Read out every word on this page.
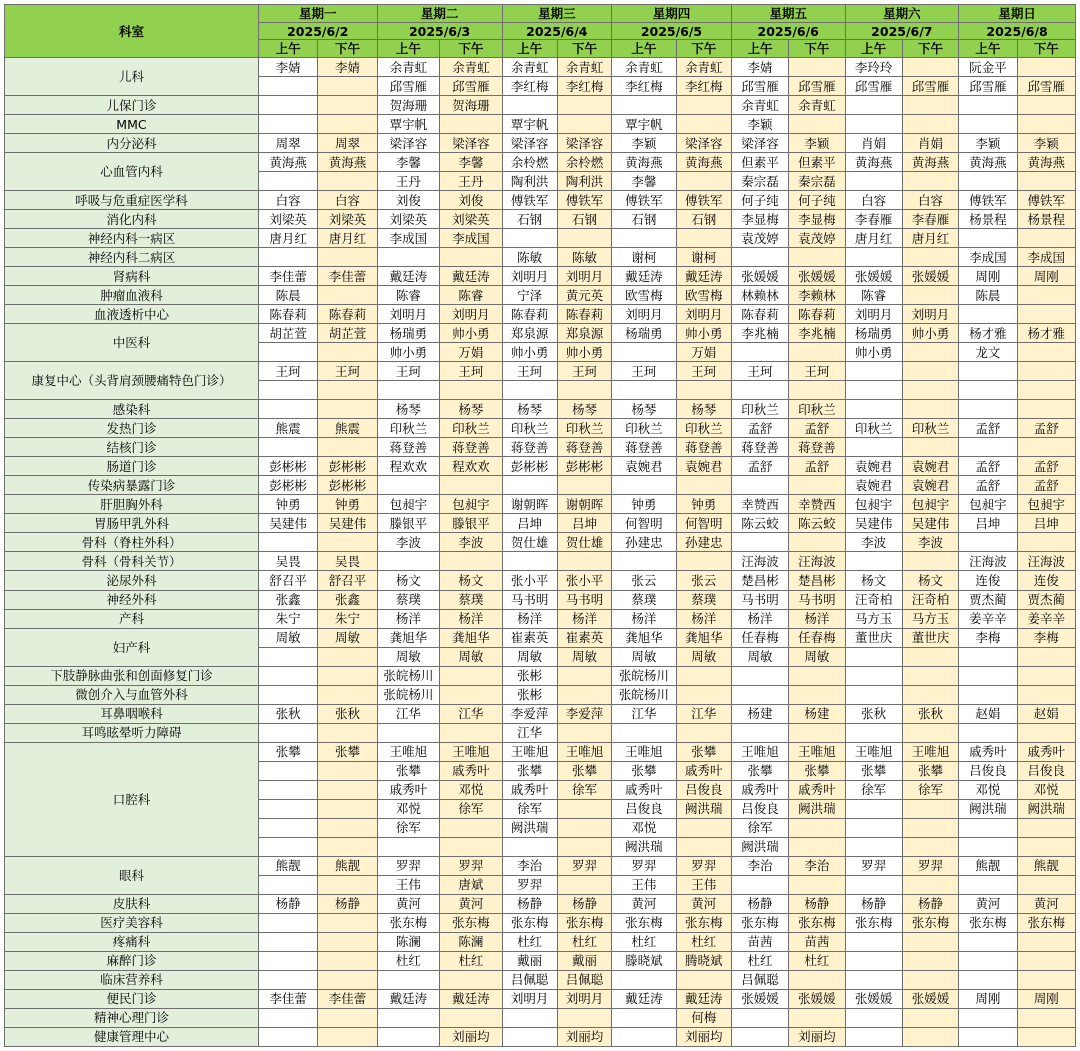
科室	星期一		星期二		星期三		星期四		星期五		星期六		星期日	
	2025/6/2		2025/6/3		2025/6/4		2025/6/5		2025/6/6		2025/6/7		2025/6/8	
	上午	下午	上午	下午	上午	下午	上午	下午	上午	下午	上午	下午	上午	下午
儿科	李婧	李婧	余青虹	余青虹	余青虹	余青虹	余青虹	余青虹	李婧		李玲玲		阮金平	
			邱雪雁	邱雪雁	李红梅	李红梅	李红梅	李红梅	邱雪雁	邱雪雁	邱雪雁	邱雪雁	邱雪雁	邱雪雁
儿保门诊			贺海珊	贺海珊					余青虹	余青虹				
MMC			覃宇帆		覃宇帆		覃宇帆		李颖					
内分泌科	周翠	周翠	梁泽容	梁泽容	梁泽容	梁泽容	李颖	梁泽容	梁泽容	李颖	肖娟	肖娟	李颖	李颖
心血管内科	黄海燕	黄海燕	李馨	李馨	余柃燃	余柃燃	黄海燕	黄海燕	但素平	但素平	黄海燕	黄海燕	黄海燕	黄海燕
			王丹	王丹	陶利洪	陶利洪	李馨		秦宗磊	秦宗磊				
呼吸与危重症医学科	白容	白容	刘俊	刘俊	傅铁军	傅铁军	傅铁军	傅铁军	何子纯	何子纯	白容	白容	傅铁军	傅铁军
消化内科	刘梁英	刘梁英	刘梁英	刘梁英	石钢	石钢	石钢	石钢	李显梅	李显梅	李春雁	李春雁	杨景程	杨景程
神经内科一病区	唐月红	唐月红	李成国	李成国					袁茂婷	袁茂婷	唐月红	唐月红		
神经内科二病区					陈敏	陈敏	谢柯	谢柯					李成国	李成国
肾病科	李佳蕾	李佳蕾	戴廷涛	戴廷涛	刘明月	刘明月	戴廷涛	戴廷涛	张媛媛	张媛媛	张媛媛	张媛媛	周刚	周刚
肿瘤血液科	陈晨		陈睿	陈睿	宁泽	黄元英	欧雪梅	欧雪梅	林赖林	李赖林	陈睿		陈晨	
血液透析中心	陈春莉	陈春莉	刘明月	刘明月	陈春莉	陈春莉	刘明月	刘明月	陈春莉	陈春莉	刘明月	刘明月		
中医科	胡芷萱	胡芷萱	杨瑞勇	帅小勇	郑泉源	郑泉源	杨瑞勇	帅小勇	李兆楠	李兆楠	杨瑞勇	帅小勇	杨才雅	杨才雅
			帅小勇	万娟	帅小勇	帅小勇		万娟			帅小勇		龙文	
康复中心（头背肩颈腰痛特色门诊）	王珂	王珂	王珂	王珂	王珂	王珂	王珂	王珂	王珂	王珂				

感染科			杨琴	杨琴	杨琴	杨琴	杨琴	杨琴	印秋兰	印秋兰				
发热门诊	熊震	熊震	印秋兰	印秋兰	印秋兰	印秋兰	印秋兰	印秋兰	孟舒	孟舒	印秋兰	印秋兰	孟舒	孟舒
结核门诊			蒋登善	蒋登善	蒋登善	蒋登善	蒋登善	蒋登善	蒋登善	蒋登善				
肠道门诊	彭彬彬	彭彬彬	程欢欢	程欢欢	彭彬彬	彭彬彬	袁婉君	袁婉君	孟舒	孟舒	袁婉君	袁婉君	孟舒	孟舒
传染病暴露门诊	彭彬彬	彭彬彬									袁婉君	袁婉君	孟舒	孟舒
肝胆胸外科	钟勇	钟勇	包昶宇	包昶宇	谢朝晖	谢朝晖	钟勇	钟勇	幸赞西	幸赞西	包昶宇	包昶宇	包昶宇	包昶宇
胃肠甲乳外科	吴建伟	吴建伟	滕银平	滕银平	吕坤	吕坤	何智明	何智明	陈云蛟	陈云蛟	吴建伟	吴建伟	吕坤	吕坤
骨科（脊柱外科）			李波	李波	贺仕雄	贺仕雄	孙建忠	孙建忠			李波	李波		
骨科（骨科关节）	吴畏	吴畏							汪海波	汪海波			汪海波	汪海波
泌尿外科	舒召平	舒召平	杨文	杨文	张小平	张小平	张云	张云	楚昌彬	楚昌彬	杨文	杨文	连俊	连俊
神经外科	张鑫	张鑫	蔡璞	蔡璞	马书明	马书明	蔡璞	蔡璞	马书明	马书明	汪奇柏	汪奇柏	贾杰蔺	贾杰蔺
产科	朱宁	朱宁	杨洋	杨洋	杨洋	杨洋	杨洋	杨洋	杨洋	杨洋	马方玉	马方玉	姜辛辛	姜辛辛
妇产科	周敏	周敏	龚旭华	龚旭华	崔素英	崔素英	龚旭华	龚旭华	任春梅	任春梅	董世庆	董世庆	李梅	李梅
			周敏	周敏	周敏	周敏	周敏	周敏	周敏	周敏				
下肢静脉曲张和创面修复门诊			张皖杨川		张彬		张皖杨川							
微创介入与血管外科			张皖杨川		张彬		张皖杨川							
耳鼻咽喉科	张秋	张秋	江华	江华	李爱萍	李爱萍	江华	江华	杨建	杨建	张秋	张秋	赵娟	赵娟
耳鸣眩晕听力障碍					江华									
口腔科	张攀	张攀	王唯旭	王唯旭	王唯旭	王唯旭	王唯旭	张攀	王唯旭	王唯旭	王唯旭	王唯旭	戚秀叶	戚秀叶
			张攀	戚秀叶	张攀	张攀	张攀	戚秀叶	张攀	张攀	张攀	张攀	吕俊良	吕俊良
			戚秀叶	邓悦	戚秀叶	徐军	戚秀叶	吕俊良	戚秀叶	戚秀叶	徐军	徐军	邓悦	邓悦
			邓悦	徐军	徐军		吕俊良	阙洪瑞	吕俊良	阙洪瑞			阙洪瑞	阙洪瑞
			徐军		阙洪瑞		邓悦		徐军					
							阙洪瑞		阙洪瑞					
眼科	熊靓	熊靓	罗羿	罗羿	李治	罗羿	罗羿	罗羿	李治	李治	罗羿	罗羿	熊靓	熊靓
			王伟	唐斌	罗羿		王伟	王伟						
皮肤科	杨静	杨静	黄河	黄河	杨静	杨静	黄河	黄河	杨静	杨静	杨静	杨静	黄河	黄河
医疗美容科			张东梅	张东梅	张东梅	张东梅	张东梅	张东梅	张东梅	张东梅	张东梅	张东梅	张东梅	张东梅
疼痛科			陈澜	陈澜	杜红	杜红	杜红	杜红	苗茜	苗茜				
麻醉门诊			杜红	杜红	戴丽	戴丽	滕晓斌	腾晓斌	杜红	杜红				
临床营养科					吕佩聪	吕佩聪			吕佩聪					
便民门诊	李佳蕾	李佳蕾	戴廷涛	戴廷涛	刘明月	刘明月	戴廷涛	戴廷涛	张媛媛	张媛媛	张媛媛	张媛媛	周刚	周刚
精神心理门诊								何梅						
健康管理中心				刘丽均		刘丽均		刘丽均		刘丽均				
